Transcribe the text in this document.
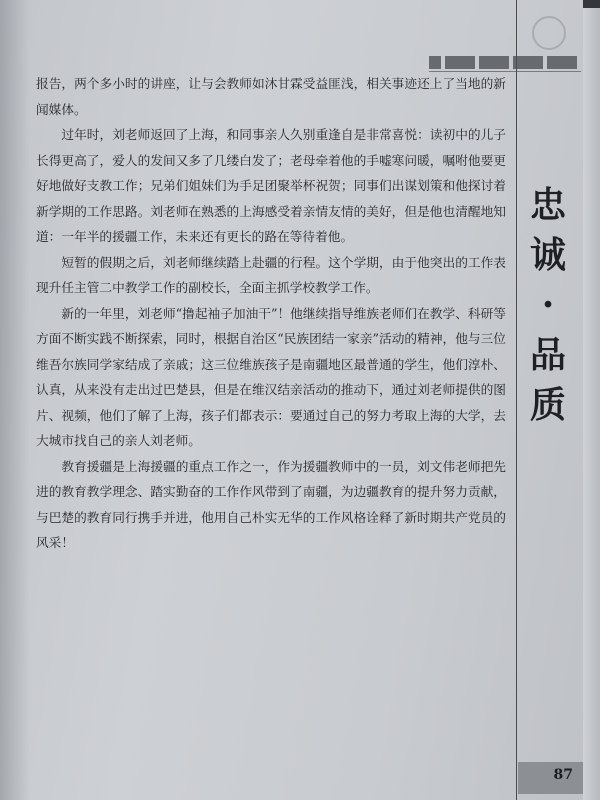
忠
诚
·
品
质

报告，两个多小时的讲座，让与会教师如沐甘霖受益匪浅，相关事迹还上了当地的新闻媒体。

过年时，刘老师返回了上海，和同事亲人久别重逢自是非常喜悦：读初中的儿子长得更高了，爱人的发间又多了几缕白发了；老母牵着他的手嘘寒问暖，嘱咐他要更好地做好支教工作；兄弟们姐妹们为手足团聚举杯祝贺；同事们出谋划策和他探讨着新学期的工作思路。刘老师在熟悉的上海感受着亲情友情的美好，但是他也清醒地知道：一年半的援疆工作，未来还有更长的路在等待着他。

短暂的假期之后，刘老师继续踏上赴疆的行程。这个学期，由于他突出的工作表现升任主管二中教学工作的副校长，全面主抓学校教学工作。

新的一年里，刘老师“撸起袖子加油干”！他继续指导维族老师们在教学、科研等方面不断实践不断探索，同时，根据自治区“民族团结一家亲”活动的精神，他与三位维吾尔族同学家结成了亲戚；这三位维族孩子是南疆地区最普通的学生，他们淳朴、认真，从来没有走出过巴楚县，但是在维汉结亲活动的推动下，通过刘老师提供的图片、视频，他们了解了上海，孩子们都表示：要通过自己的努力考取上海的大学，去大城市找自己的亲人刘老师。

教育援疆是上海援疆的重点工作之一，作为援疆教师中的一员，刘文伟老师把先进的教育教学理念、踏实勤奋的工作作风带到了南疆，为边疆教育的提升努力贡献，与巴楚的教育同行携手并进，他用自己朴实无华的工作风格诠释了新时期共产党员的风采！

87
